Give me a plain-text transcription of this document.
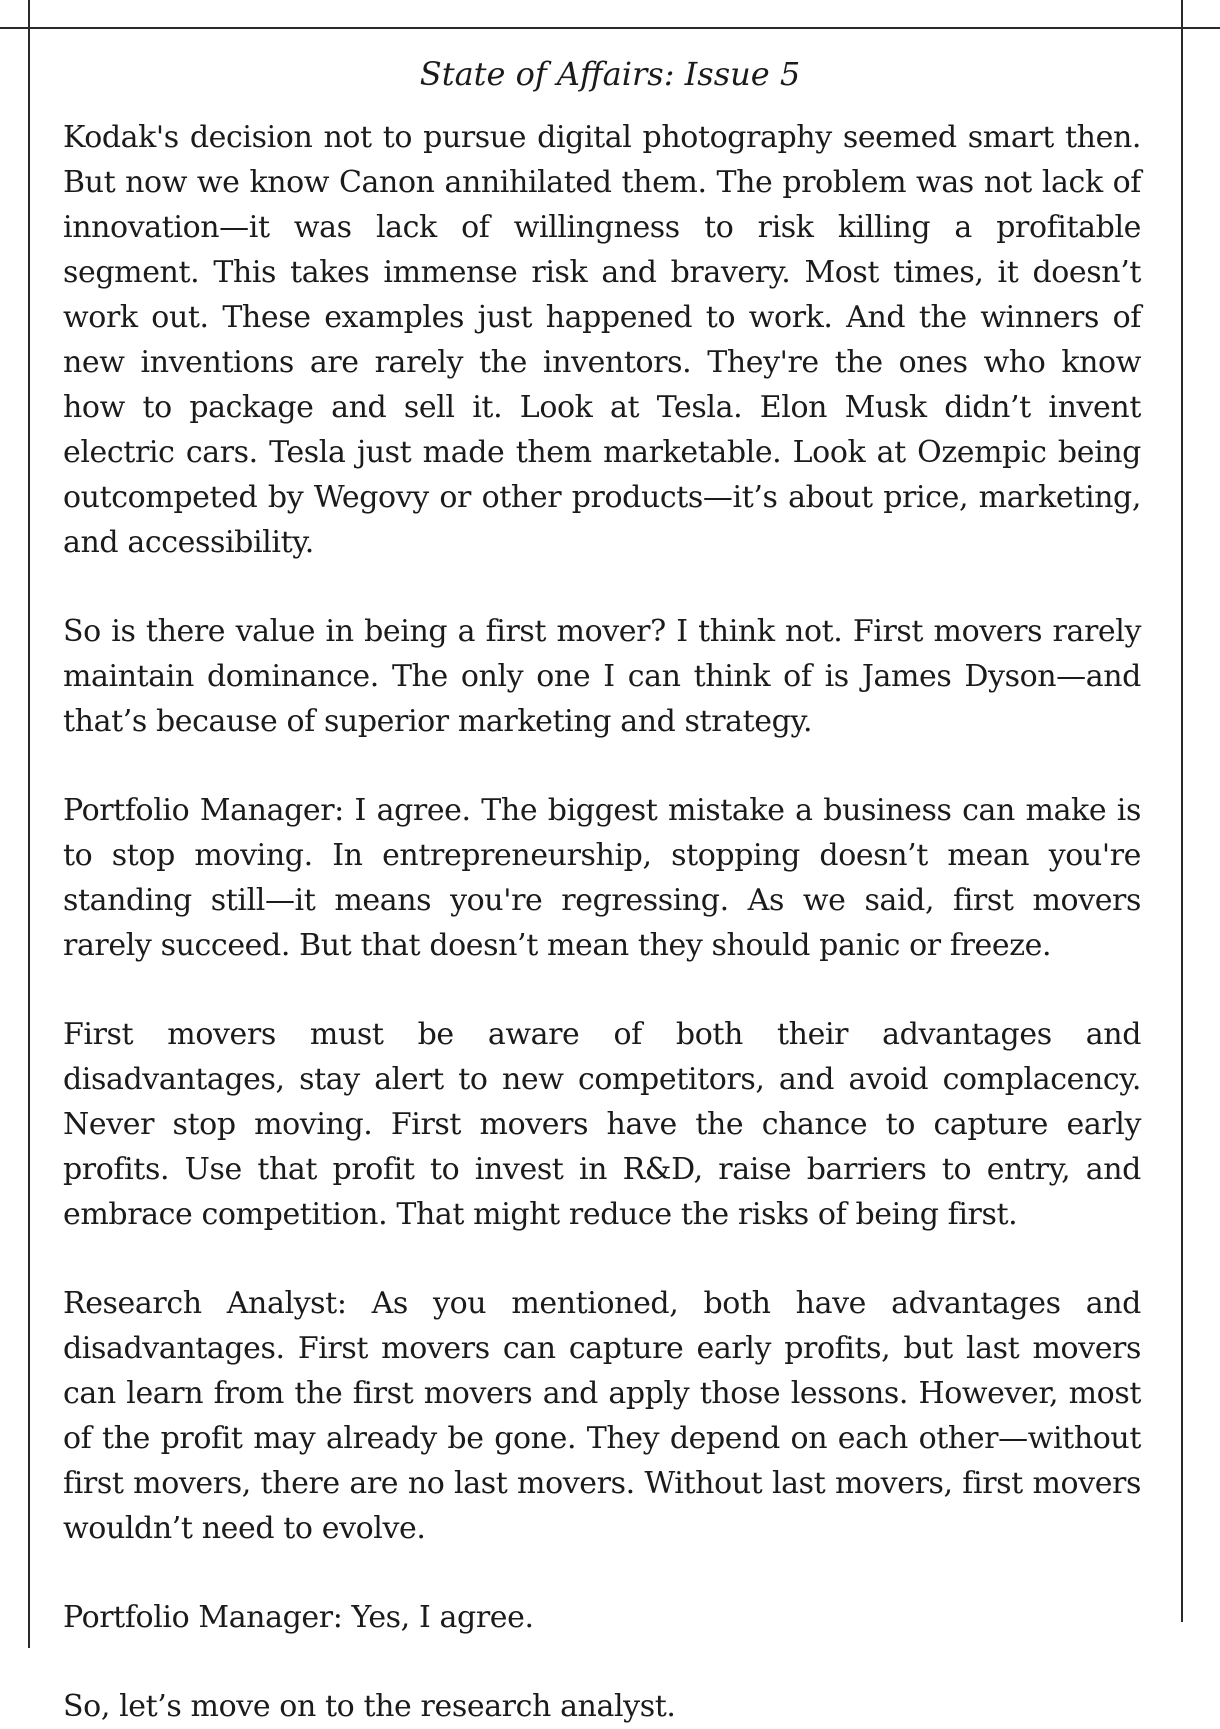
State of Affairs: Issue 5

Kodak's decision not to pursue digital photography seemed smart then. But now we know Canon annihilated them. The problem was not lack of innovation—it was lack of willingness to risk killing a profitable segment. This takes immense risk and bravery. Most times, it doesn’t work out. These examples just happened to work. And the winners of new inventions are rarely the inventors. They're the ones who know how to package and sell it. Look at Tesla. Elon Musk didn’t invent electric cars. Tesla just made them marketable. Look at Ozempic being outcompeted by Wegovy or other products—it’s about price, marketing, and accessibility.

So is there value in being a first mover? I think not. First movers rarely maintain dominance. The only one I can think of is James Dyson—and that’s because of superior marketing and strategy.

Portfolio Manager: I agree. The biggest mistake a business can make is to stop moving. In entrepreneurship, stopping doesn’t mean you're standing still—it means you're regressing. As we said, first movers rarely succeed. But that doesn’t mean they should panic or freeze.

First movers must be aware of both their advantages and disadvantages, stay alert to new competitors, and avoid complacency. Never stop moving. First movers have the chance to capture early profits. Use that profit to invest in R&D, raise barriers to entry, and embrace competition. That might reduce the risks of being first.

Research Analyst: As you mentioned, both have advantages and disadvantages. First movers can capture early profits, but last movers can learn from the first movers and apply those lessons. However, most of the profit may already be gone. They depend on each other—without first movers, there are no last movers. Without last movers, first movers wouldn’t need to evolve.

Portfolio Manager: Yes, I agree.

So, let’s move on to the research analyst.
